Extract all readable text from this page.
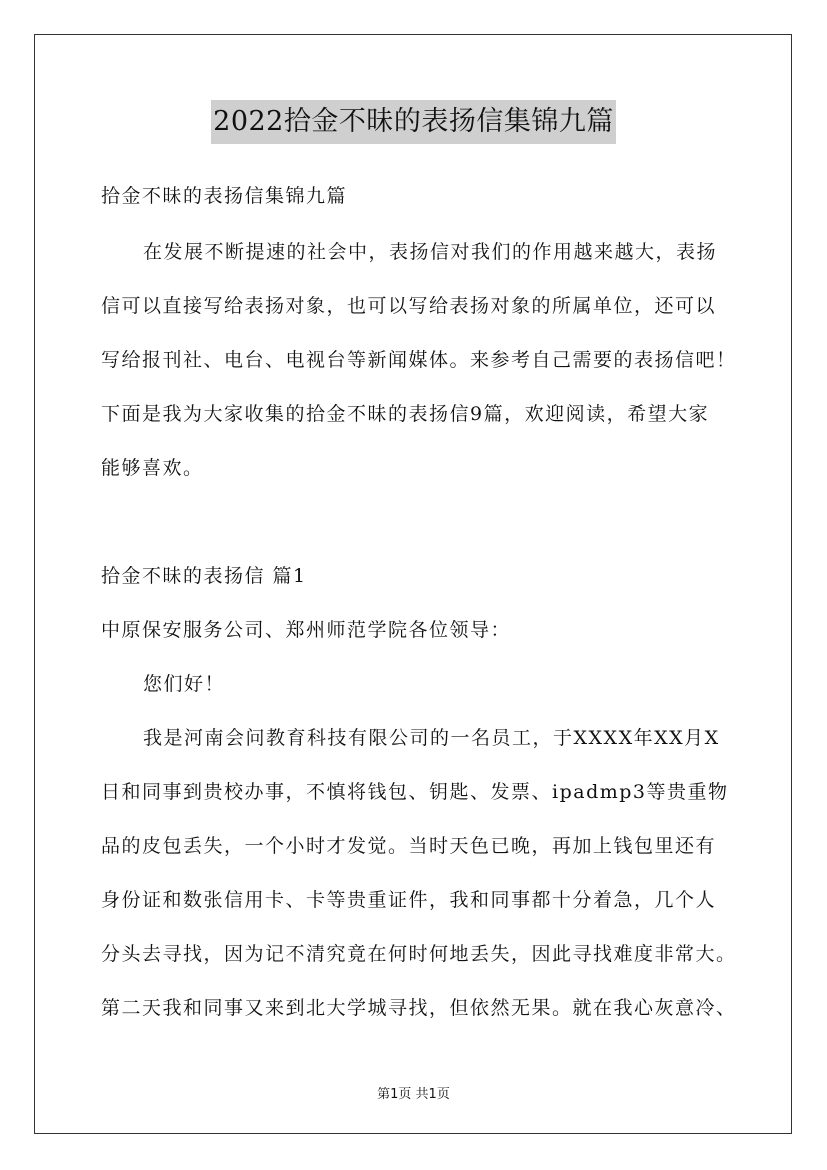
2022拾金不昧的表扬信集锦九篇
拾金不昧的表扬信集锦九篇
在发展不断提速的社会中，表扬信对我们的作用越来越大，表扬
信可以直接写给表扬对象，也可以写给表扬对象的所属单位，还可以
写给报刊社、电台、电视台等新闻媒体。来参考自己需要的表扬信吧！
下面是我为大家收集的拾金不昧的表扬信9篇，欢迎阅读，希望大家
能够喜欢。
拾金不昧的表扬信 篇1
中原保安服务公司、郑州师范学院各位领导：
您们好！
我是河南会问教育科技有限公司的一名员工，于XXXX年XX月X
日和同事到贵校办事，不慎将钱包、钥匙、发票、ipadmp3等贵重物
品的皮包丢失，一个小时才发觉。当时天色已晚，再加上钱包里还有
身份证和数张信用卡、卡等贵重证件，我和同事都十分着急，几个人
分头去寻找，因为记不清究竟在何时何地丢失，因此寻找难度非常大。
第二天我和同事又来到北大学城寻找，但依然无果。就在我心灰意冷、
第1页 共1页
